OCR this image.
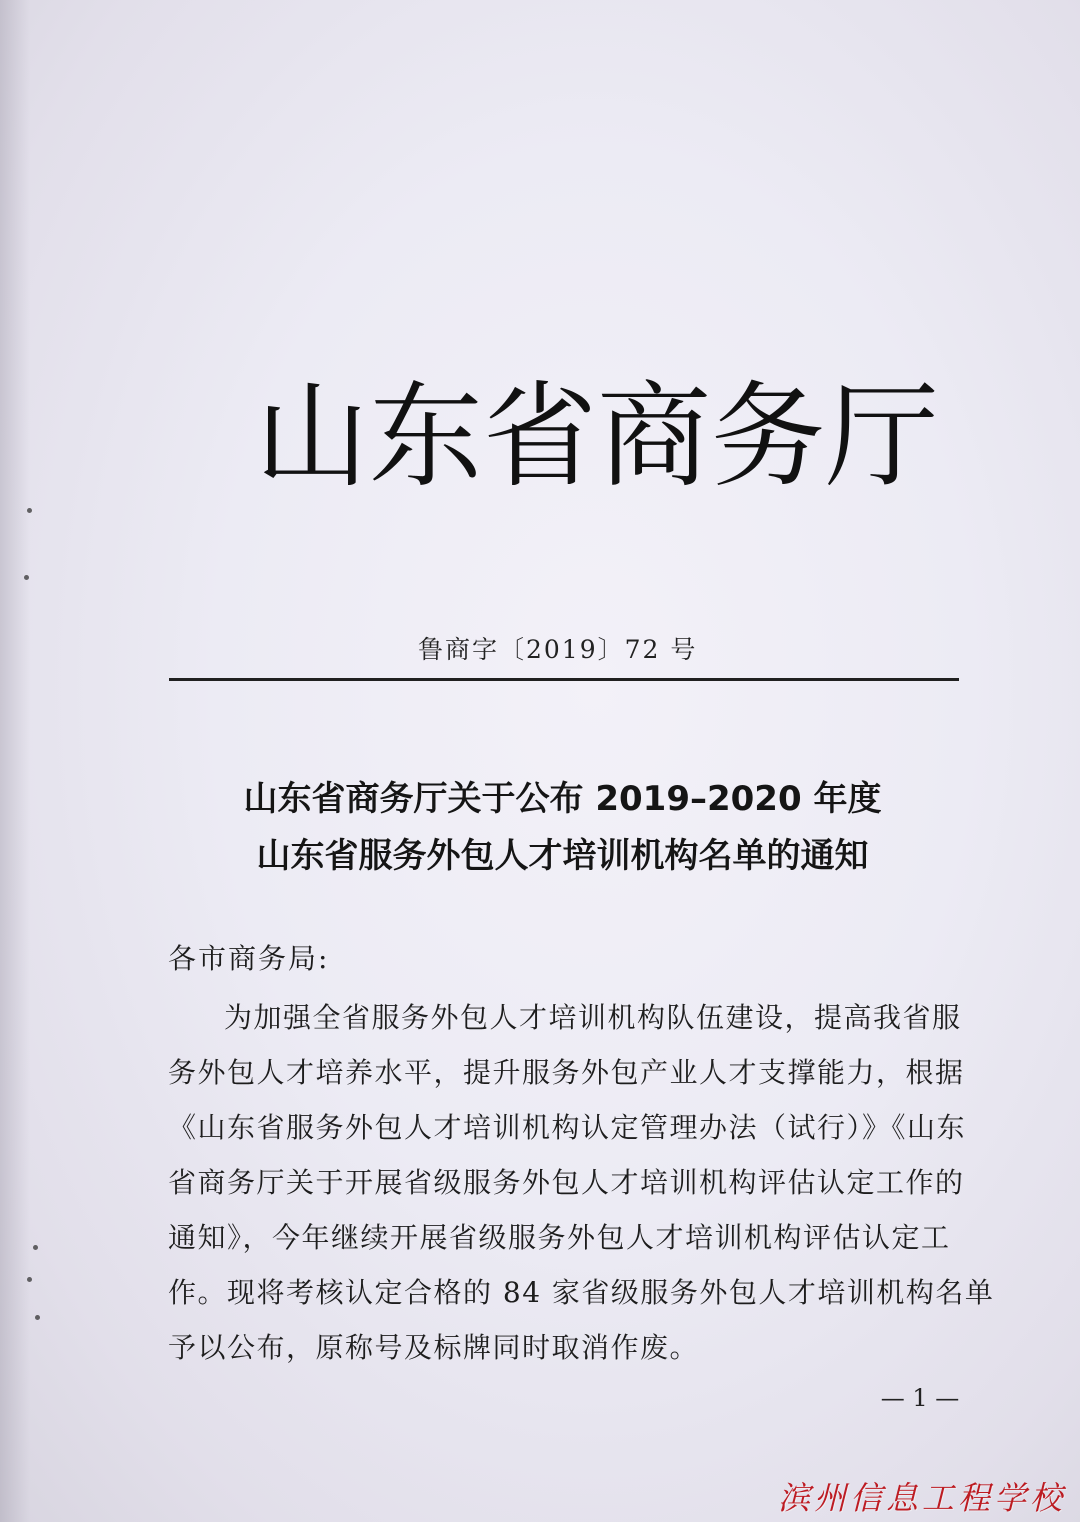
山 东 省 商 务 厅
鲁商字〔2019〕72 号
山东省商务厅关于公布 2019–2020 年度
山东省服务外包人才培训机构名单的通知
各市商务局:
为加强全省服务外包人才培训机构队伍建设，提高我省服
务外包人才培养水平，提升服务外包产业人才支撑能力，根据
《山东省服务外包人才培训机构认定管理办法（试行）》《山东
省商务厅关于开展省级服务外包人才培训机构评估认定工作的
通知》，今年继续开展省级服务外包人才培训机构评估认定工
作。现将考核认定合格的 84 家省级服务外包人才培训机构名单
予以公布，原称号及标牌同时取消作废。
— 1 —
滨州信息工程学校
